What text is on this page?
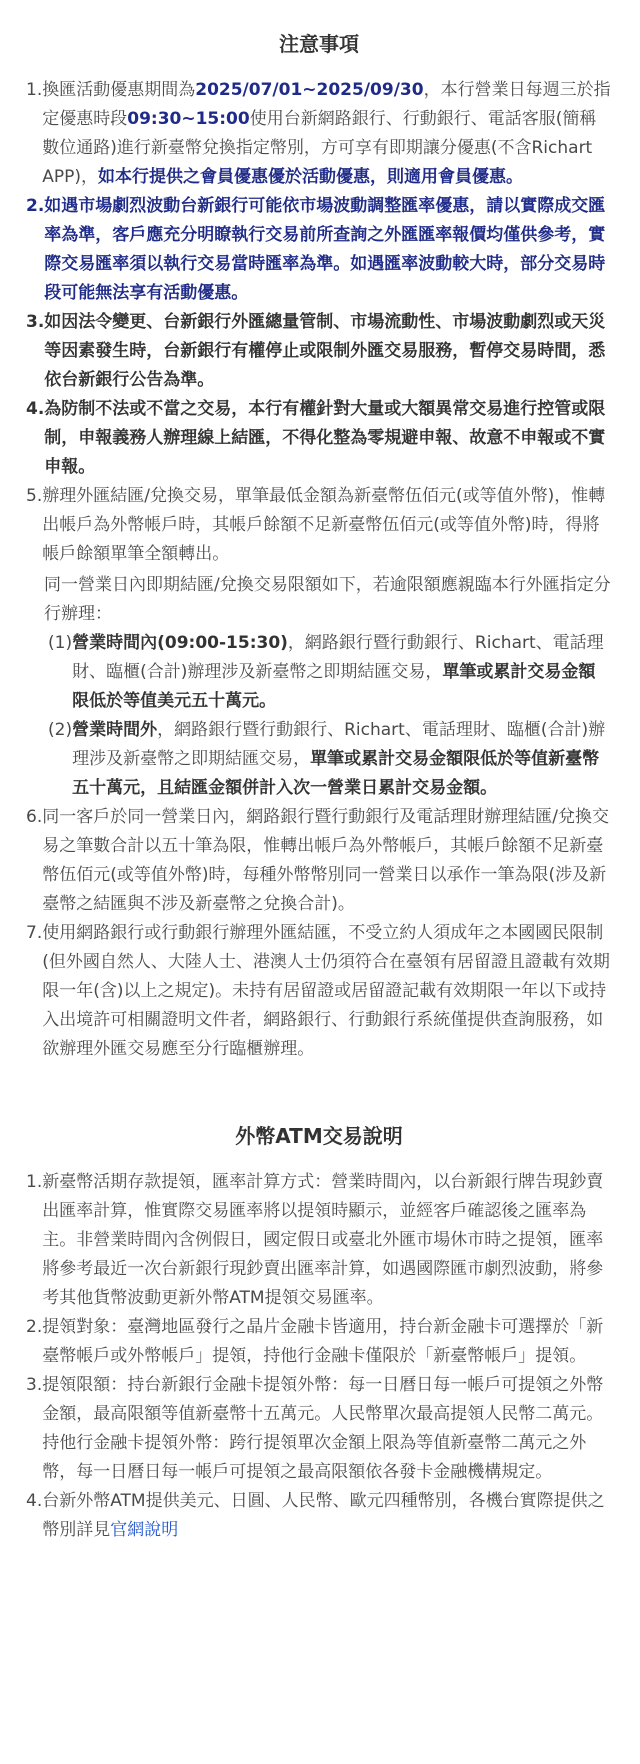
注意事項
1. 換匯活動優惠期間為2025/07/01~2025/09/30，本行營業日每週三於指定優惠時段09:30~15:00使用台新網路銀行、行動銀行、電話客服(簡稱數位通路)進行新臺幣兌換指定幣別，方可享有即期讓分優惠(不含Richart　APP)，如本行提供之會員優惠優於活動優惠，則適用會員優惠。
2. 如遇市場劇烈波動台新銀行可能依市場波動調整匯率優惠，請以實際成交匯率為準，客戶應充分明瞭執行交易前所查詢之外匯匯率報價均僅供參考，實際交易匯率須以執行交易當時匯率為準。如遇匯率波動較大時，部分交易時段可能無法享有活動優惠。
3. 如因法令變更、台新銀行外匯總量管制、市場流動性、市場波動劇烈或天災等因素發生時，台新銀行有權停止或限制外匯交易服務，暫停交易時間，悉依台新銀行公告為準。
4. 為防制不法或不當之交易，本行有權針對大量或大額異常交易進行控管或限制，申報義務人辦理線上結匯，不得化整為零規避申報、故意不申報或不實申報。
5. 辦理外匯結匯/兌換交易，單筆最低金額為新臺幣伍佰元(或等值外幣)，惟轉出帳戶為外幣帳戶時，其帳戶餘額不足新臺幣伍佰元(或等值外幣)時，得將帳戶餘額單筆全額轉出。
同一營業日內即期結匯/兌換交易限額如下，若逾限額應親臨本行外匯指定分行辦理：
(1) 營業時間內(09:00-15:30)，網路銀行暨行動銀行、Richart、電話理財、臨櫃(合計)辦理涉及新臺幣之即期結匯交易，單筆或累計交易金額限低於等值美元五十萬元。
(2) 營業時間外，網路銀行暨行動銀行、Richart、電話理財、臨櫃(合計)辦理涉及新臺幣之即期結匯交易，單筆或累計交易金額限低於等值新臺幣五十萬元，且結匯金額併計入次一營業日累計交易金額。
6. 同一客戶於同一營業日內，網路銀行暨行動銀行及電話理財辦理結匯/兌換交易之筆數合計以五十筆為限，惟轉出帳戶為外幣帳戶，其帳戶餘額不足新臺幣伍佰元(或等值外幣)時，每種外幣幣別同一營業日以承作一筆為限(涉及新臺幣之結匯與不涉及新臺幣之兌換合計)。
7. 使用網路銀行或行動銀行辦理外匯結匯，不受立約人須成年之本國國民限制(但外國自然人、大陸人士、港澳人士仍須符合在臺領有居留證且證載有效期限一年(含)以上之規定)。未持有居留證或居留證記載有效期限一年以下或持入出境許可相關證明文件者，網路銀行、行動銀行系統僅提供查詢服務，如欲辦理外匯交易應至分行臨櫃辦理。
外幣ATM交易說明
1. 新臺幣活期存款提領，匯率計算方式：營業時間內，以台新銀行牌告現鈔賣出匯率計算，惟實際交易匯率將以提領時顯示，並經客戶確認後之匯率為主。非營業時間內含例假日，國定假日或臺北外匯市場休市時之提領，匯率將參考最近一次台新銀行現鈔賣出匯率計算，如遇國際匯市劇烈波動，將參考其他貨幣波動更新外幣ATM提領交易匯率。
2. 提領對象：臺灣地區發行之晶片金融卡皆適用，持台新金融卡可選擇於「新臺幣帳戶或外幣帳戶」提領，持他行金融卡僅限於「新臺幣帳戶」提領。
3. 提領限額：持台新銀行金融卡提領外幣：每一日曆日每一帳戶可提領之外幣金額，最高限額等值新臺幣十五萬元。人民幣單次最高提領人民幣二萬元。持他行金融卡提領外幣：跨行提領單次金額上限為等值新臺幣二萬元之外幣，每一日曆日每一帳戶可提領之最高限額依各發卡金融機構規定。
4. 台新外幣ATM提供美元、日圓、人民幣、歐元四種幣別，各機台實際提供之幣別詳見官網說明
